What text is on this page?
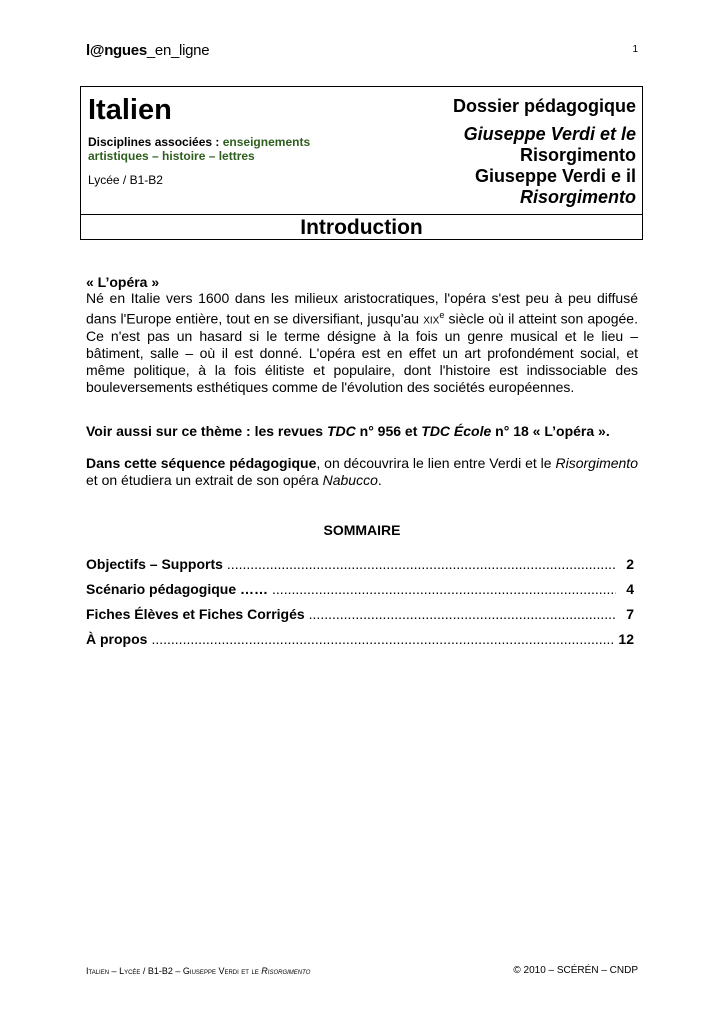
l@ngues_en_ligne	1
Italien
Disciplines associées : enseignements artistiques – histoire – lettres
Lycée / B1-B2
Dossier pédagogique
Giuseppe Verdi et le
Risorgimento
Giuseppe Verdi e il
Risorgimento
Introduction
« L’opéra »
Né en Italie vers 1600 dans les milieux aristocratiques, l'opéra s'est peu à peu diffusé dans l'Europe entière, tout en se diversifiant, jusqu'au xix$^e$ siècle où il atteint son apogée. Ce n'est pas un hasard si le terme désigne à la fois un genre musical et le lieu – bâtiment, salle – où il est donné. L'opéra est en effet un art profondément social, et même politique, à la fois élitiste et populaire, dont l'histoire est indissociable des bouleversements esthétiques comme de l'évolution des sociétés européennes.
Voir aussi sur ce thème : les revues TDC n° 956 et TDC École n° 18 « L’opéra ».
Dans cette séquence pédagogique, on découvrira le lien entre Verdi et le Risorgimento et on étudiera un extrait de son opéra Nabucco.
SOMMAIRE
Objectifs – Supports .....	2
Scénario pédagogique …… .....	4
Fiches Élèves et Fiches Corrigés .....	7
À propos .....	12
Italien – Lycée / B1-B2 – Giuseppe Verdi et le Risorgimento	© 2010 – SCÉRÉN – CNDP
